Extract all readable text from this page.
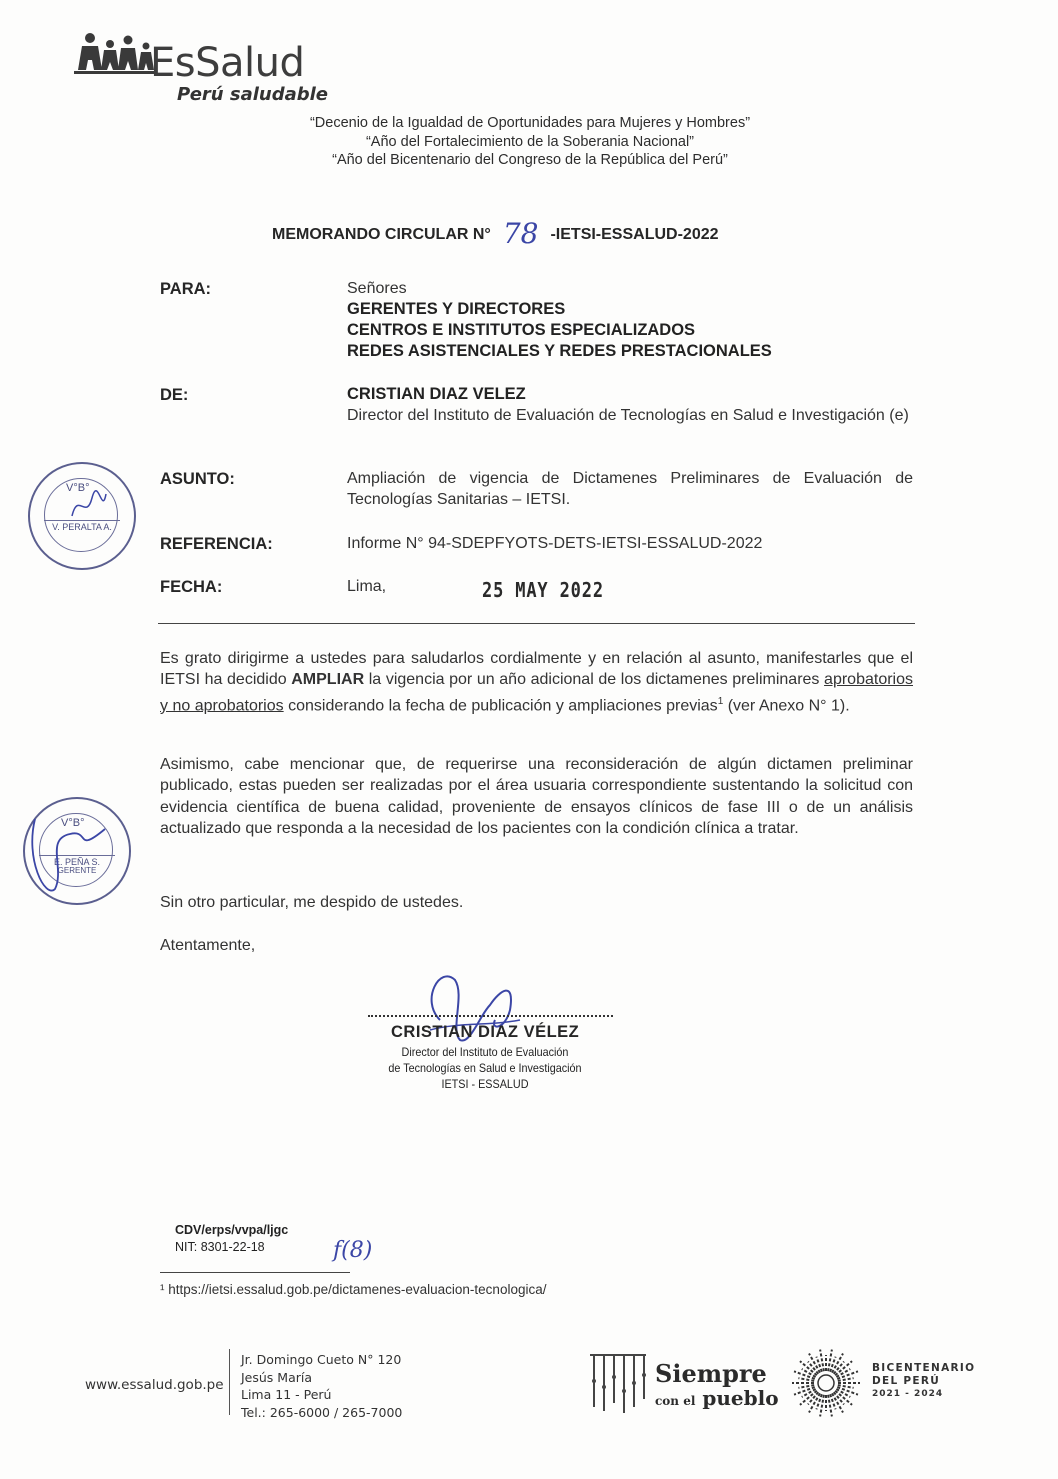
EsSalud
Perú saludable
“Decenio de la Igualdad de Oportunidades para Mujeres y Hombres”
“Año del Fortalecimiento de la Soberania Nacional”
“Año del Bicentenario del Congreso de la República del Perú”
MEMORANDO CIRCULAR N° 78 -IETSI-ESSALUD-2022
PARA:	Señores
GERENTES Y DIRECTORES
CENTROS E INSTITUTOS ESPECIALIZADOS
REDES ASISTENCIALES Y REDES PRESTACIONALES
DE:	CRISTIAN DIAZ VELEZ
Director del Instituto de Evaluación de Tecnologías en Salud e Investigación (e)
ASUNTO:	Ampliación de vigencia de Dictamenes Preliminares de Evaluación de Tecnologías Sanitarias – IETSI.
REFERENCIA:	Informe N° 94-SDEPFYOTS-DETS-IETSI-ESSALUD-2022
FECHA:	Lima,	25 MAY 2022
Es grato dirigirme a ustedes para saludarlos cordialmente y en relación al asunto, manifestarles que el IETSI ha decidido AMPLIAR la vigencia por un año adicional de los dictamenes preliminares aprobatorios y no aprobatorios considerando la fecha de publicación y ampliaciones previas$^1$ (ver Anexo N° 1).
Asimismo, cabe mencionar que, de requerirse una reconsideración de algún dictamen preliminar publicado, estas pueden ser realizadas por el área usuaria correspondiente sustentando la solicitud con evidencia científica de buena calidad, proveniente de ensayos clínicos de fase III o de un análisis actualizado que responda a la necesidad de los pacientes con la condición clínica a tratar.
Sin otro particular, me despido de ustedes.
Atentamente,
V°B°
V. PERALTA A.
V°B°
E. PEÑA S.
GERENTE
CRISTIAN DIAZ VÉLEZ
Director del Instituto de Evaluación
de Tecnologías en Salud e Investigación
IETSI - ESSALUD
CDV/erps/vvpa/ljgc
NIT: 8301-22-18	f(8)
¹ https://ietsi.essalud.gob.pe/dictamenes-evaluacion-tecnologica/
www.essalud.gob.pe
Jr. Domingo Cueto N° 120
Jesús María
Lima 11 - Perú
Tel.: 265-6000 / 265-7000
Siempre
con el pueblo
BICENTENARIO
DEL PERÚ
2021 - 2024
